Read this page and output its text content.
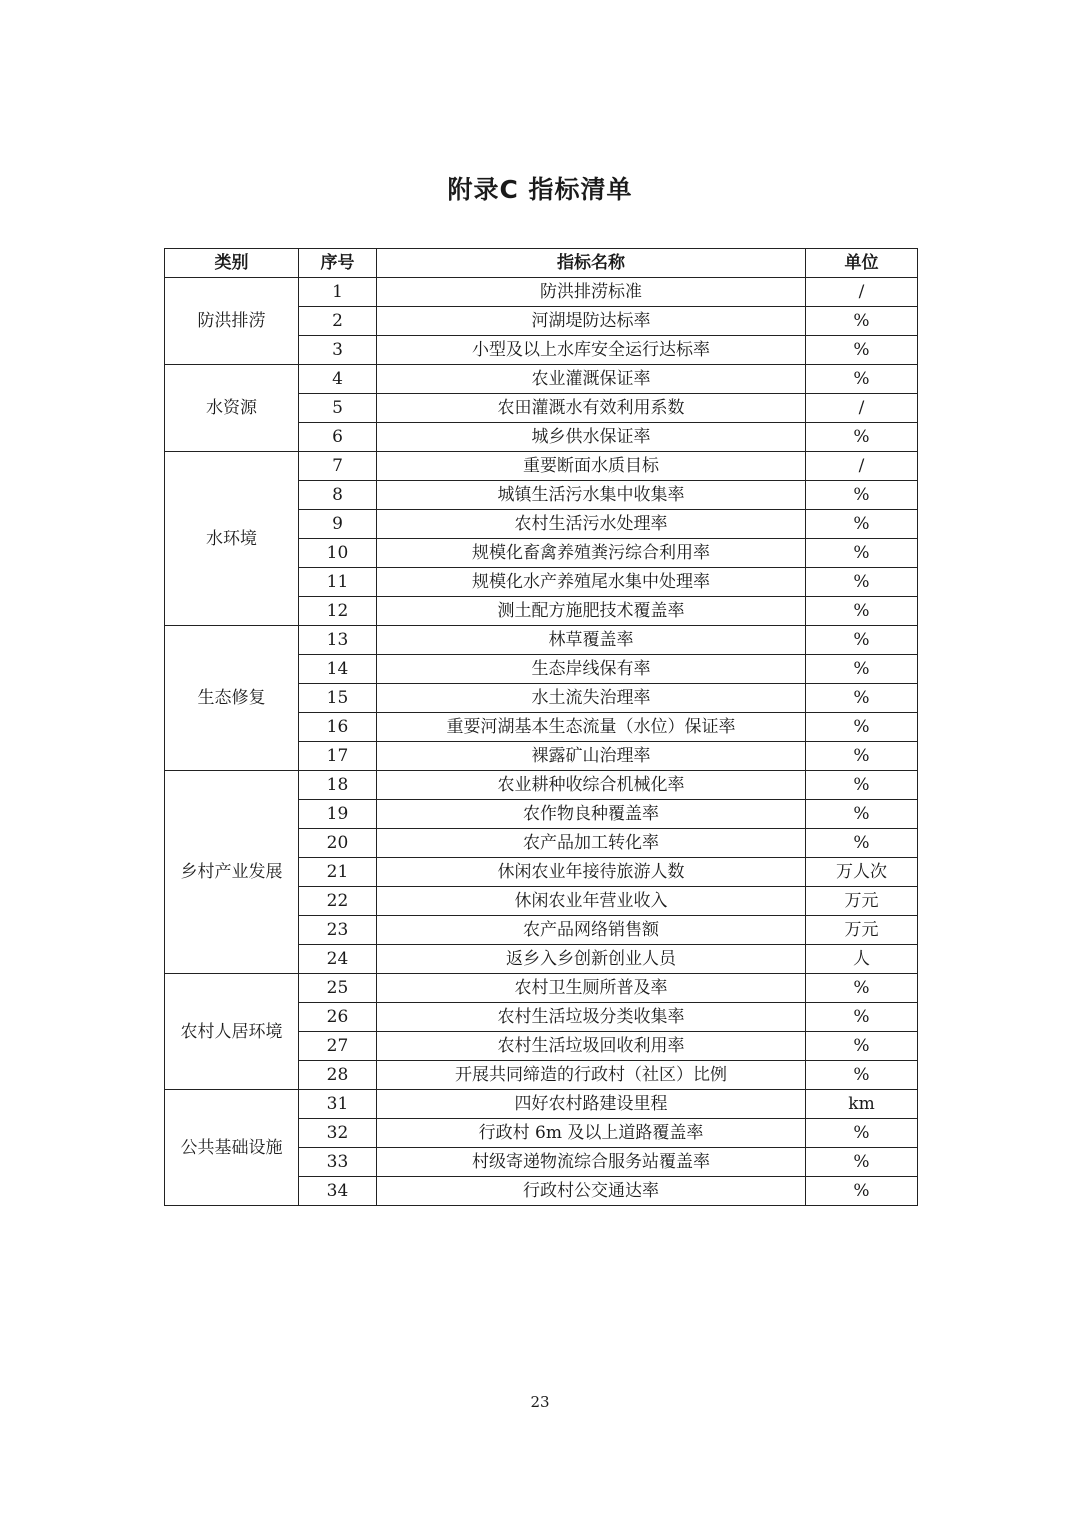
附录C 指标清单
类别	序号	指标名称	单位
防洪排涝	1	防洪排涝标准	/
	2	河湖堤防达标率	%
	3	小型及以上水库安全运行达标率	%
水资源	4	农业灌溉保证率	%
	5	农田灌溉水有效利用系数	/
	6	城乡供水保证率	%
水环境	7	重要断面水质目标	/
	8	城镇生活污水集中收集率	%
	9	农村生活污水处理率	%
	10	规模化畜禽养殖粪污综合利用率	%
	11	规模化水产养殖尾水集中处理率	%
	12	测土配方施肥技术覆盖率	%
生态修复	13	林草覆盖率	%
	14	生态岸线保有率	%
	15	水土流失治理率	%
	16	重要河湖基本生态流量（水位）保证率	%
	17	裸露矿山治理率	%
乡村产业发展	18	农业耕种收综合机械化率	%
	19	农作物良种覆盖率	%
	20	农产品加工转化率	%
	21	休闲农业年接待旅游人数	万人次
	22	休闲农业年营业收入	万元
	23	农产品网络销售额	万元
	24	返乡入乡创新创业人员	人
农村人居环境	25	农村卫生厕所普及率	%
	26	农村生活垃圾分类收集率	%
	27	农村生活垃圾回收利用率	%
	28	开展共同缔造的行政村（社区）比例	%
公共基础设施	31	四好农村路建设里程	km
	32	行政村 6m 及以上道路覆盖率	%
	33	村级寄递物流综合服务站覆盖率	%
	34	行政村公交通达率	%
23
